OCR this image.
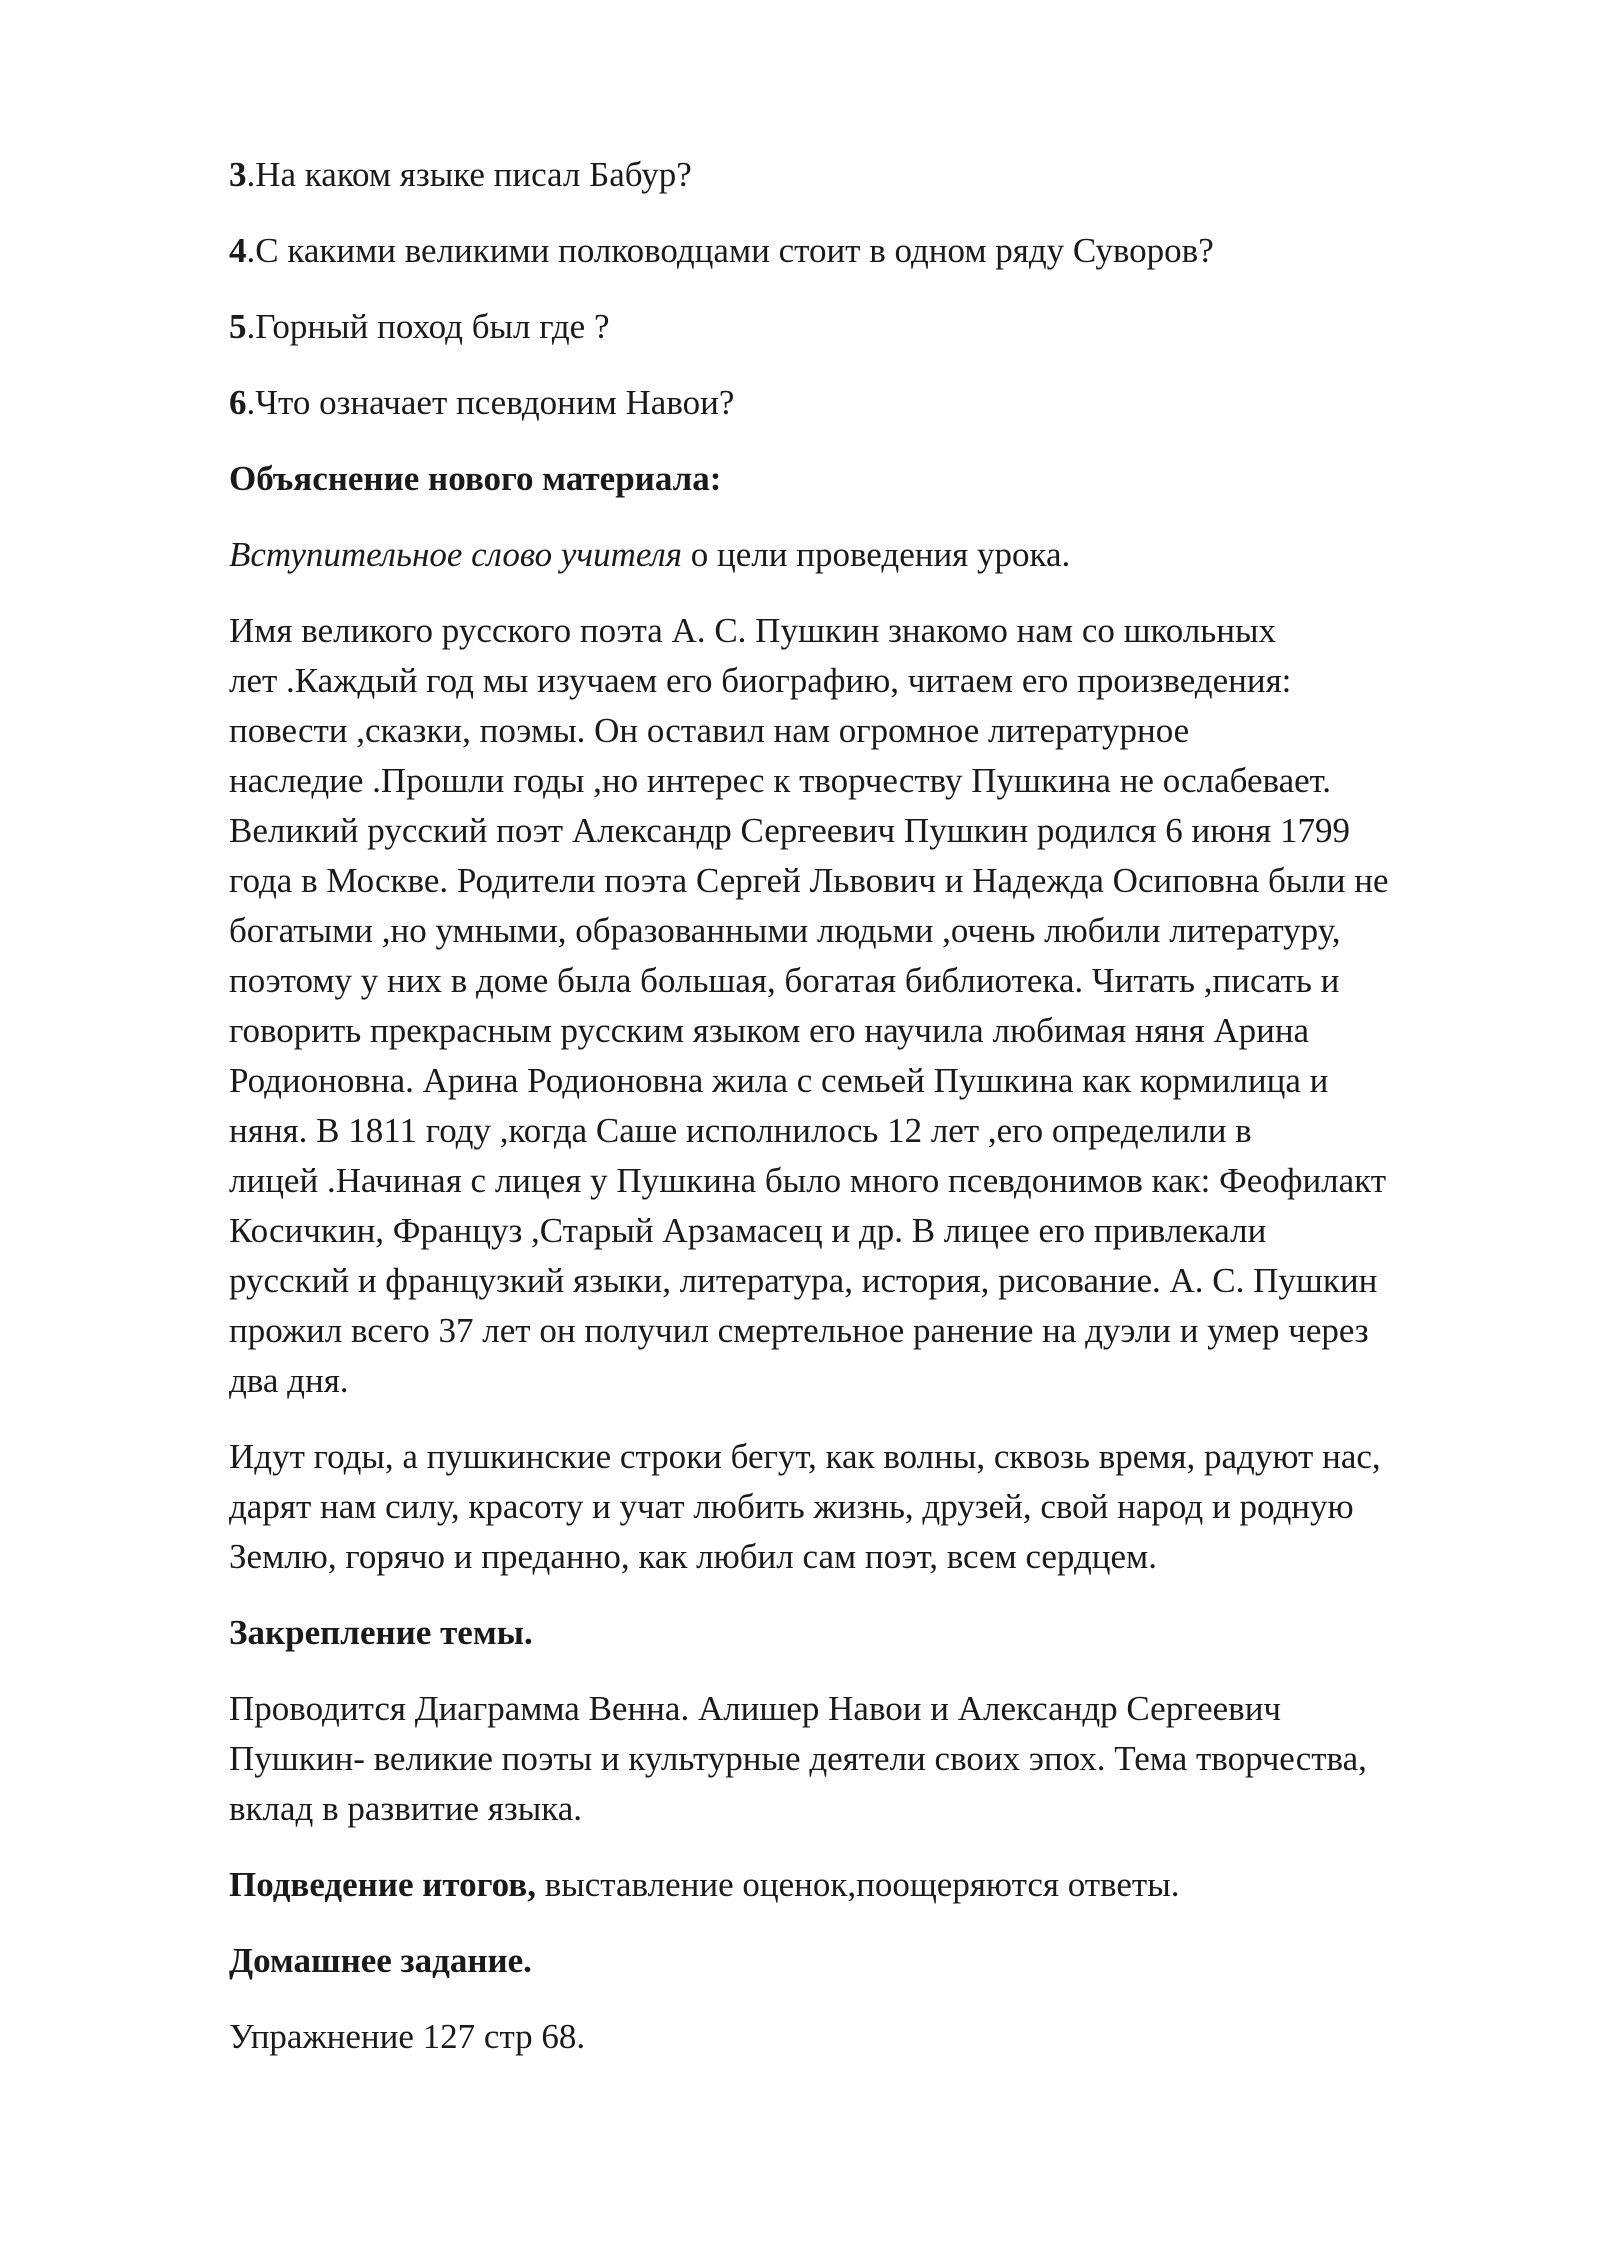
3.На каком языке писал Бабур?

4.С какими великими полководцами стоит в одном ряду Суворов?

5.Горный поход был где ?

6.Что означает псевдоним Навои?

Объяснение нового материала:

Вступительное слово учителя о цели проведения урока.

Имя великого русского поэта А. С. Пушкин знакомо нам со школьных
лет .Каждый год мы изучаем его биографию, читаем его произведения:
повести ,сказки, поэмы. Он оставил нам огромное литературное
наследие .Прошли годы ,но интерес к творчеству Пушкина не ослабевает.
Великий русский поэт Александр Сергеевич Пушкин родился 6 июня 1799
года в Москве. Родители поэта Сергей Львович и Надежда Осиповна были не
богатыми ,но умными, образованными людьми ,очень любили литературу,
поэтому у них в доме была большая, богатая библиотека. Читать ,писать и
говорить прекрасным русским языком его научила любимая няня Арина
Родионовна. Арина Родионовна жила с семьей Пушкина как кормилица и
няня. В 1811 году ,когда Саше исполнилось 12 лет ,его определили в
лицей .Начиная с лицея у Пушкина было много псевдонимов как: Феофилакт
Косичкин, Француз ,Старый Арзамасец и др. В лицее его привлекали
русский и французкий языки, литература, история, рисование. А. С. Пушкин
прожил всего 37 лет он получил смертельное ранение на дуэли и умер через
два дня.

Идут годы, а пушкинские строки бегут, как волны, сквозь время, радуют нас,
дарят нам силу, красоту и учат любить жизнь, друзей, свой народ и родную
Землю, горячо и преданно, как любил сам поэт, всем сердцем.

Закрепление темы.

Проводится Диаграмма Венна. Алишер Навои и Александр Сергеевич
Пушкин- великие поэты и культурные деятели своих эпох. Тема творчества,
вклад в развитие языка.

Подведение итогов, выставление оценок,поощеряются ответы.

Домашнее задание.

Упражнение 127 стр 68.
